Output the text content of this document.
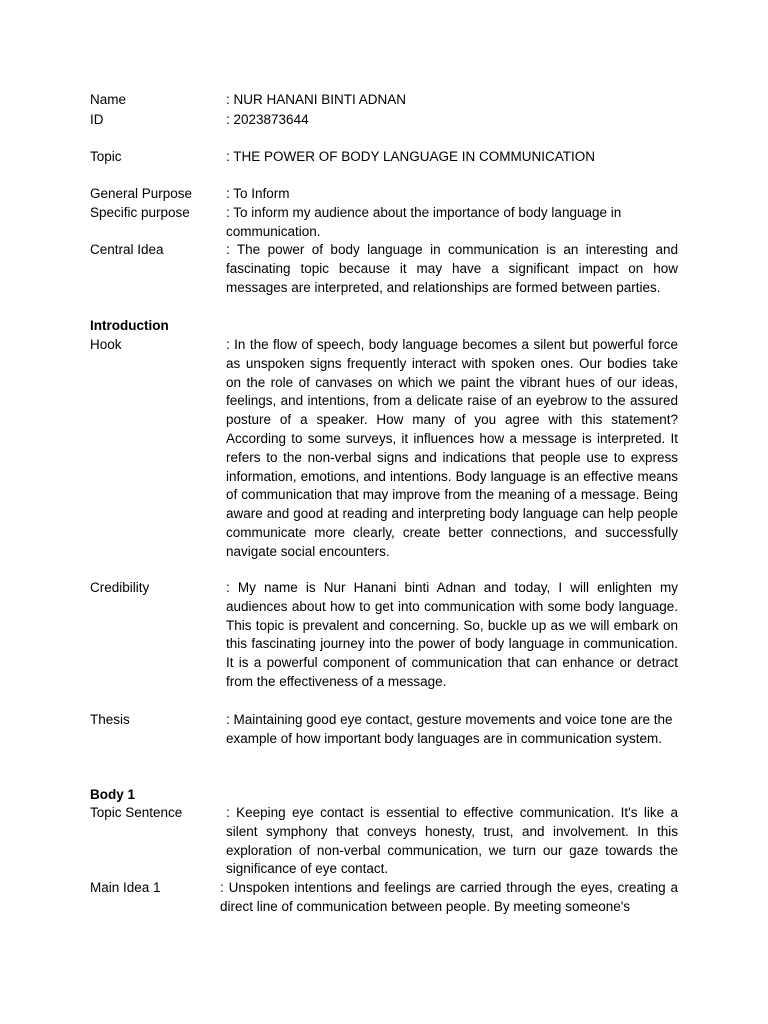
Name	: NUR HANANI BINTI ADNAN
ID	: 2023873644
Topic	: THE POWER OF BODY LANGUAGE IN COMMUNICATION
General Purpose	: To Inform
Specific purpose	: To inform my audience about the importance of body language in communication.
Central Idea	: The power of body language in communication is an interesting and fascinating topic because it may have a significant impact on how messages are interpreted, and relationships are formed between parties.
Introduction
Hook	: In the flow of speech, body language becomes a silent but powerful force as unspoken signs frequently interact with spoken ones. Our bodies take on the role of canvases on which we paint the vibrant hues of our ideas, feelings, and intentions, from a delicate raise of an eyebrow to the assured posture of a speaker. How many of you agree with this statement? According to some surveys, it influences how a message is interpreted. It refers to the non-verbal signs and indications that people use to express information, emotions, and intentions. Body language is an effective means of communication that may improve from the meaning of a message. Being aware and good at reading and interpreting body language can help people communicate more clearly, create better connections, and successfully navigate social encounters.
Credibility	: My name is Nur Hanani binti Adnan and today, I will enlighten my audiences about how to get into communication with some body language. This topic is prevalent and concerning. So, buckle up as we will embark on this fascinating journey into the power of body language in communication. It is a powerful component of communication that can enhance or detract from the effectiveness of a message.
Thesis	: Maintaining good eye contact, gesture movements and voice tone are the example of how important body languages are in communication system.
Body 1
Topic Sentence	: Keeping eye contact is essential to effective communication. It's like a silent symphony that conveys honesty, trust, and involvement. In this exploration of non-verbal communication, we turn our gaze towards the significance of eye contact.
Main Idea 1	: Unspoken intentions and feelings are carried through the eyes, creating a direct line of communication between people. By meeting someone's
